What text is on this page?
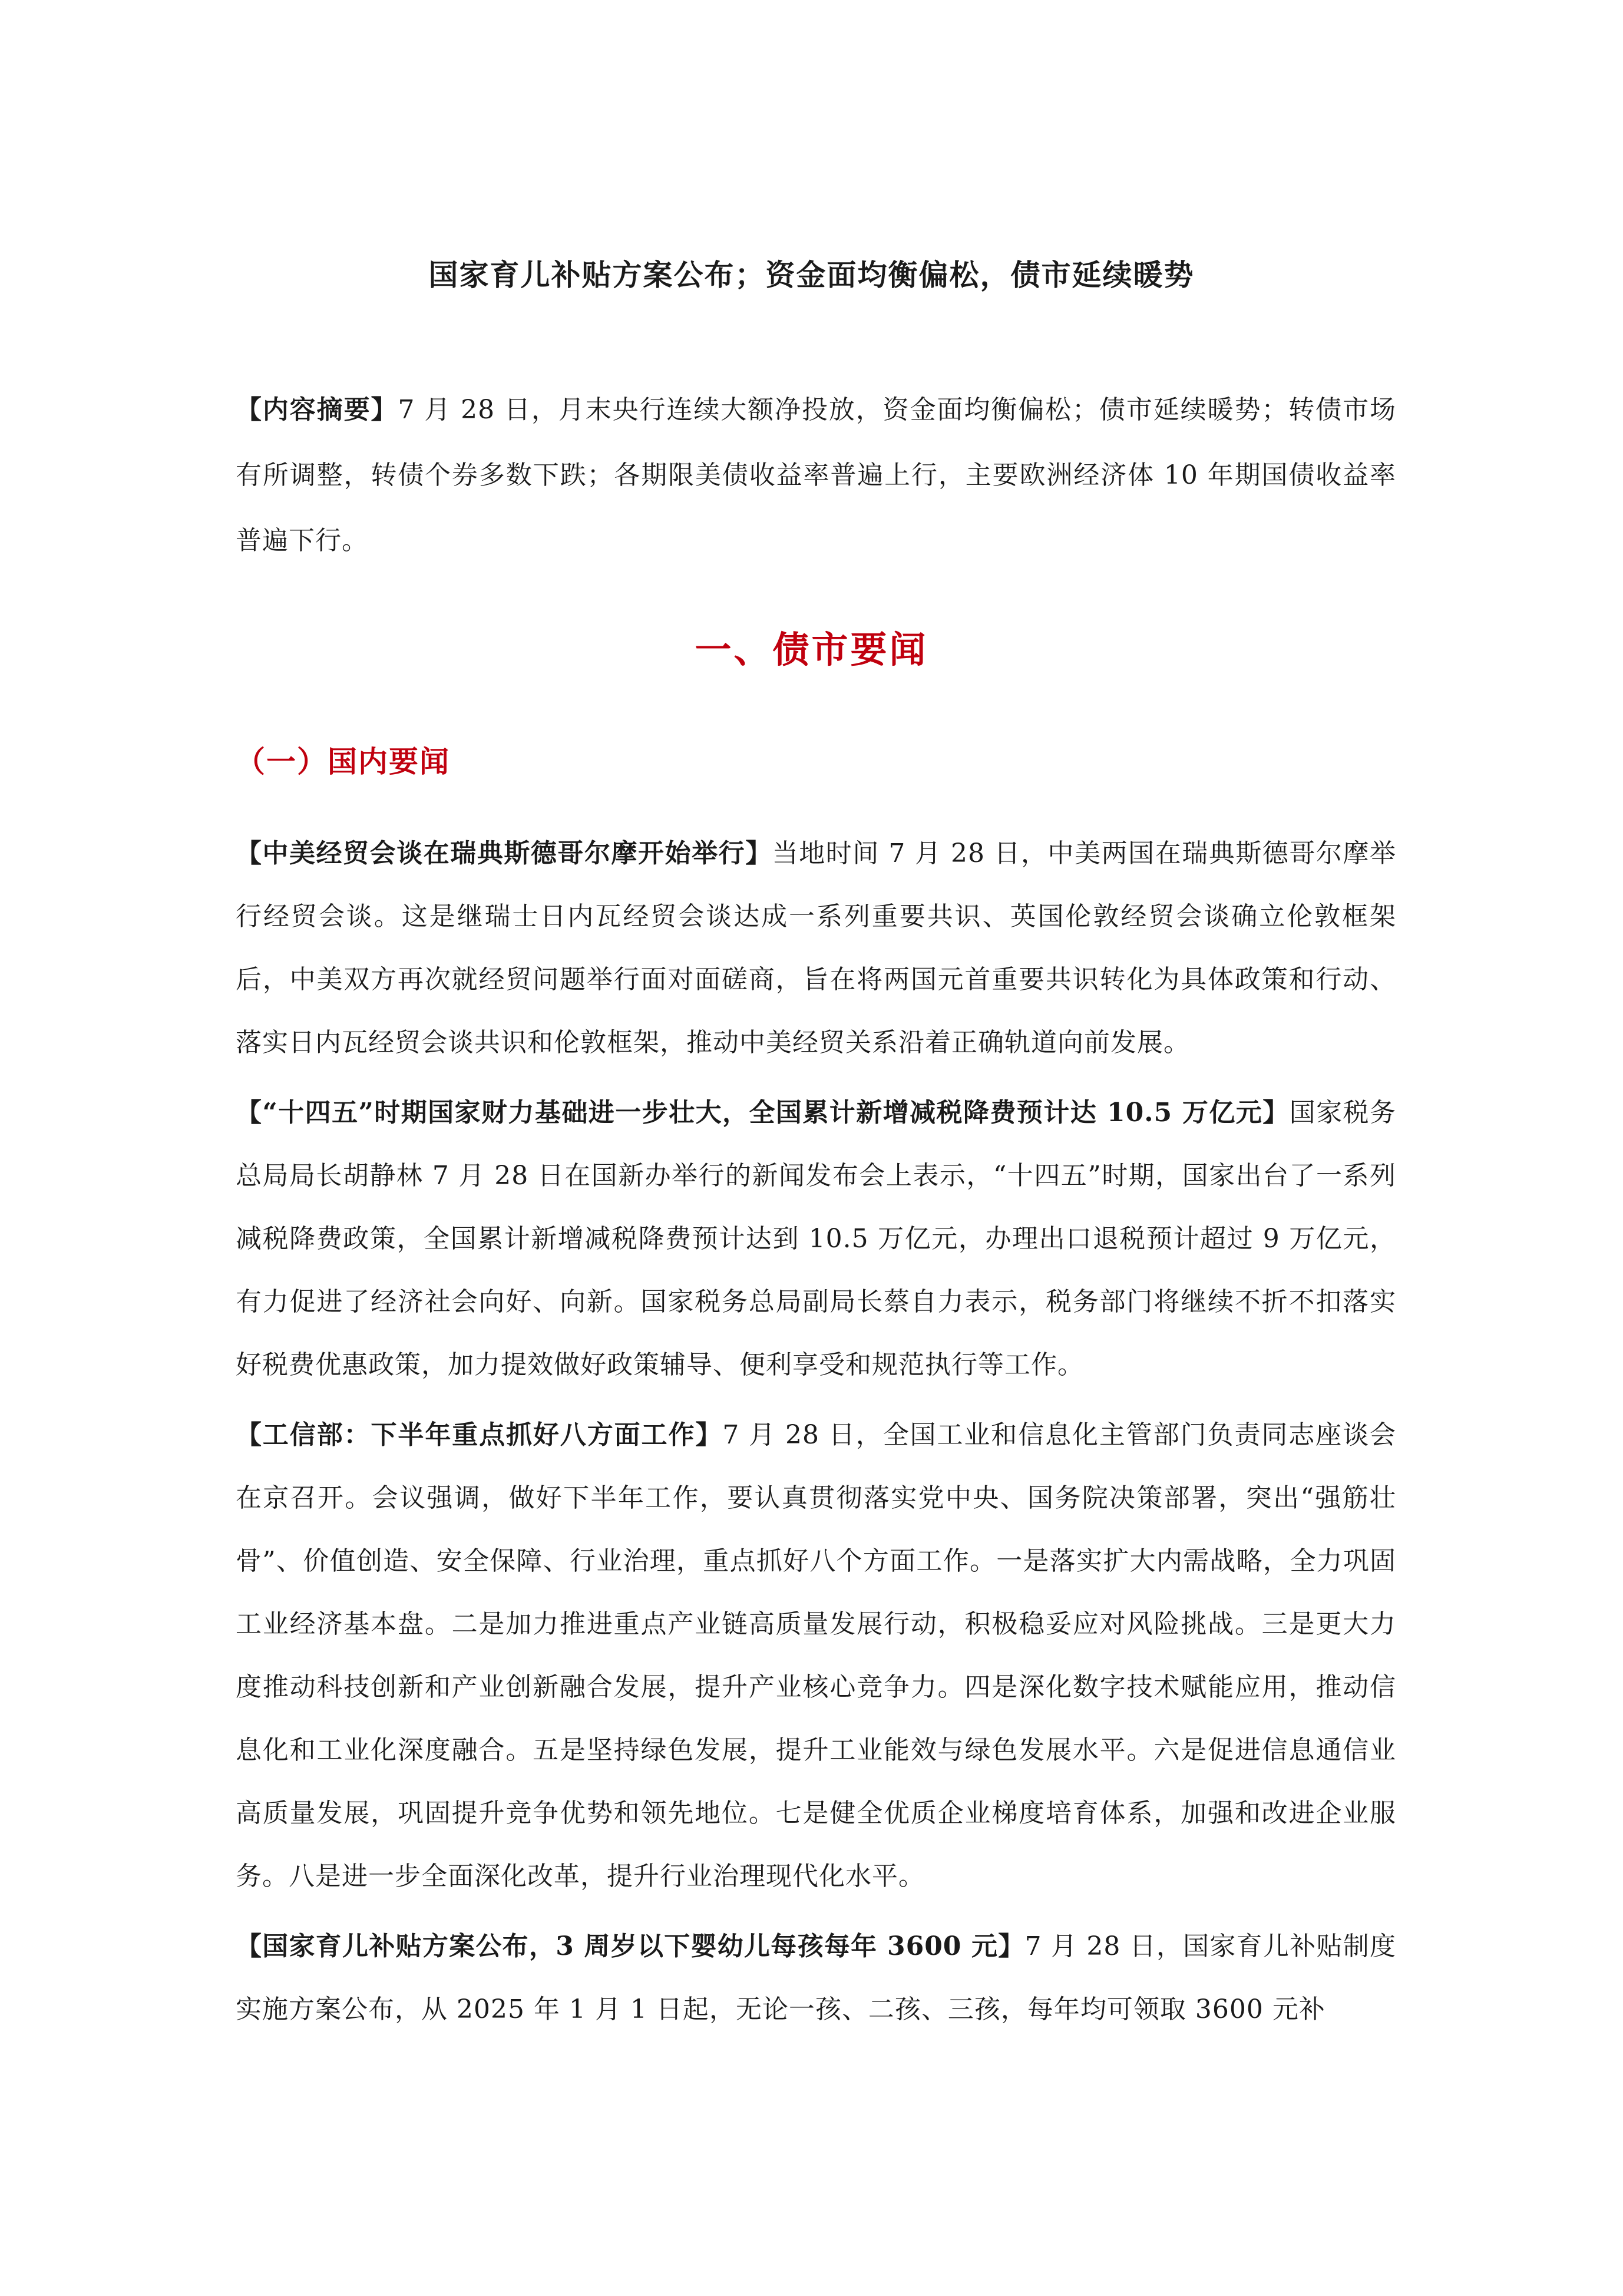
国家育儿补贴方案公布；资金面均衡偏松，债市延续暖势

【内容摘要】7 月 28 日，月末央行连续大额净投放，资金面均衡偏松；债市延续暖势；转债市场有所调整，转债个券多数下跌；各期限美债收益率普遍上行，主要欧洲经济体 10 年期国债收益率普遍下行。

一、债市要闻
（一）国内要闻

【中美经贸会谈在瑞典斯德哥尔摩开始举行】当地时间 7 月 28 日，中美两国在瑞典斯德哥尔摩举行经贸会谈。这是继瑞士日内瓦经贸会谈达成一系列重要共识、英国伦敦经贸会谈确立伦敦框架后，中美双方再次就经贸问题举行面对面磋商，旨在将两国元首重要共识转化为具体政策和行动、落实日内瓦经贸会谈共识和伦敦框架，推动中美经贸关系沿着正确轨道向前发展。

【“十四五”时期国家财力基础进一步壮大，全国累计新增减税降费预计达 10.5 万亿元】国家税务总局局长胡静林 7 月 28 日在国新办举行的新闻发布会上表示，“十四五”时期，国家出台了一系列减税降费政策，全国累计新增减税降费预计达到 10.5 万亿元，办理出口退税预计超过 9 万亿元，有力促进了经济社会向好、向新。国家税务总局副局长蔡自力表示，税务部门将继续不折不扣落实好税费优惠政策，加力提效做好政策辅导、便利享受和规范执行等工作。

【工信部：下半年重点抓好八方面工作】7 月 28 日，全国工业和信息化主管部门负责同志座谈会在京召开。会议强调，做好下半年工作，要认真贯彻落实党中央、国务院决策部署，突出“强筋壮骨”、价值创造、安全保障、行业治理，重点抓好八个方面工作。一是落实扩大内需战略，全力巩固工业经济基本盘。二是加力推进重点产业链高质量发展行动，积极稳妥应对风险挑战。三是更大力度推动科技创新和产业创新融合发展，提升产业核心竞争力。四是深化数字技术赋能应用，推动信息化和工业化深度融合。五是坚持绿色发展，提升工业能效与绿色发展水平。六是促进信息通信业高质量发展，巩固提升竞争优势和领先地位。七是健全优质企业梯度培育体系，加强和改进企业服务。八是进一步全面深化改革，提升行业治理现代化水平。

【国家育儿补贴方案公布，3 周岁以下婴幼儿每孩每年 3600 元】7 月 28 日，国家育儿补贴制度实施方案公布，从 2025 年 1 月 1 日起，无论一孩、二孩、三孩，每年均可领取 3600 元补
